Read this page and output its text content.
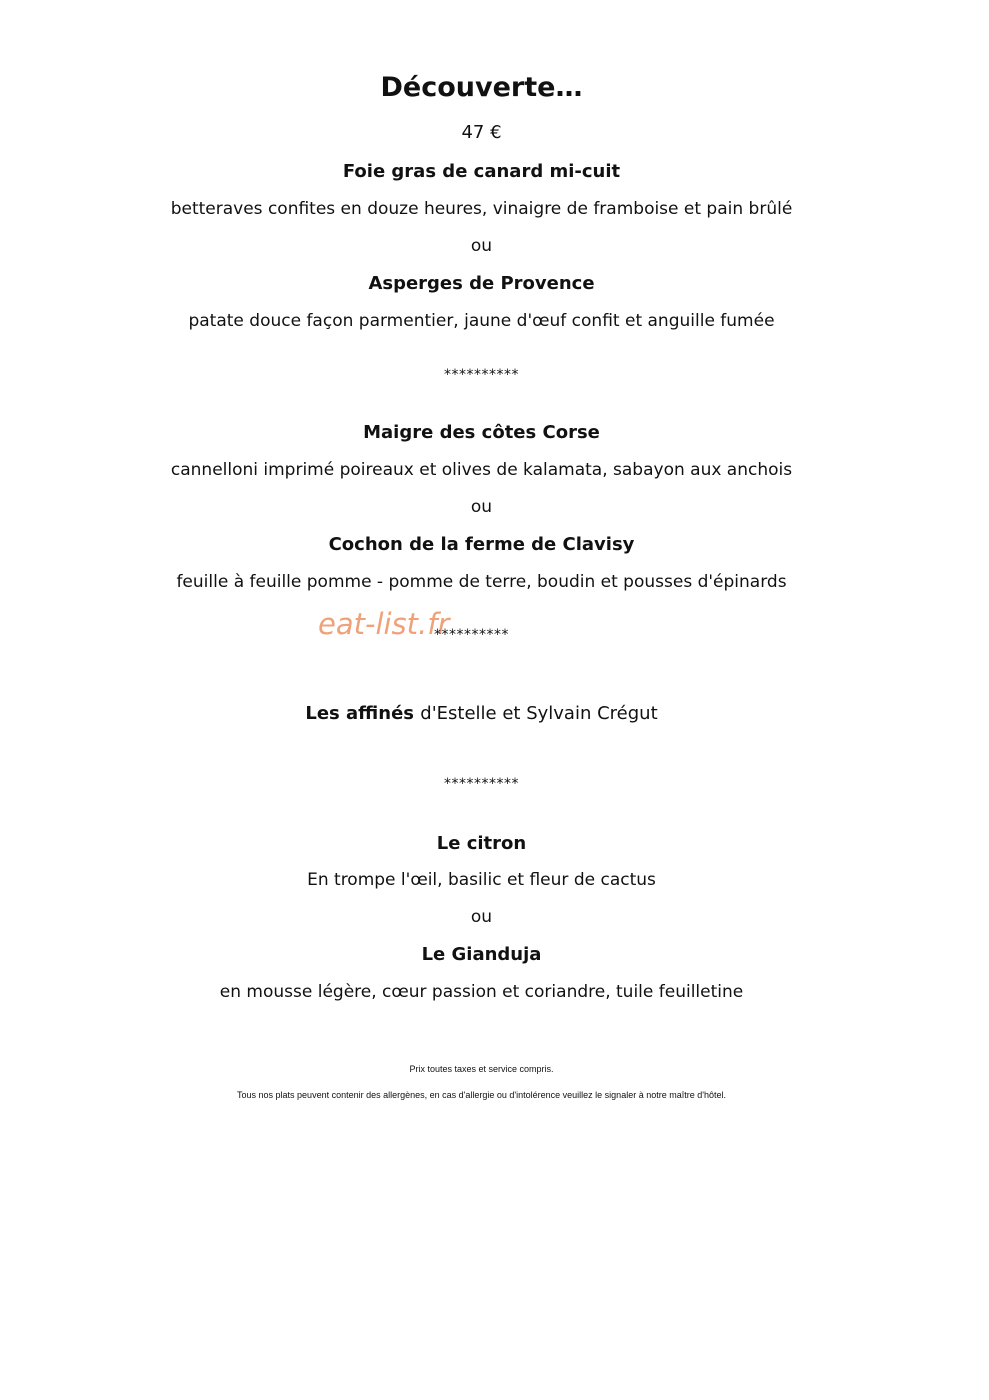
Découverte…
47 €
Foie gras de canard mi-cuit
betteraves confites en douze heures, vinaigre de framboise et pain brûlé
ou
Asperges de Provence
patate douce façon parmentier, jaune d'œuf confit et anguille fumée
**********
Maigre des côtes Corse
cannelloni imprimé poireaux et olives de kalamata, sabayon aux anchois
ou
Cochon de la ferme de Clavisy
feuille à feuille pomme - pomme de terre, boudin et pousses d'épinards
eat-list.fr
**********
Les affinés d'Estelle et Sylvain Crégut
**********
Le citron
En trompe l'œil, basilic et fleur de cactus
ou
Le Gianduja
en mousse légère, cœur passion et coriandre, tuile feuilletine
Prix toutes taxes et service compris.
Tous nos plats peuvent contenir des allergènes, en cas d'allergie ou d'intolérence veuillez le signaler à notre maître d'hôtel.
